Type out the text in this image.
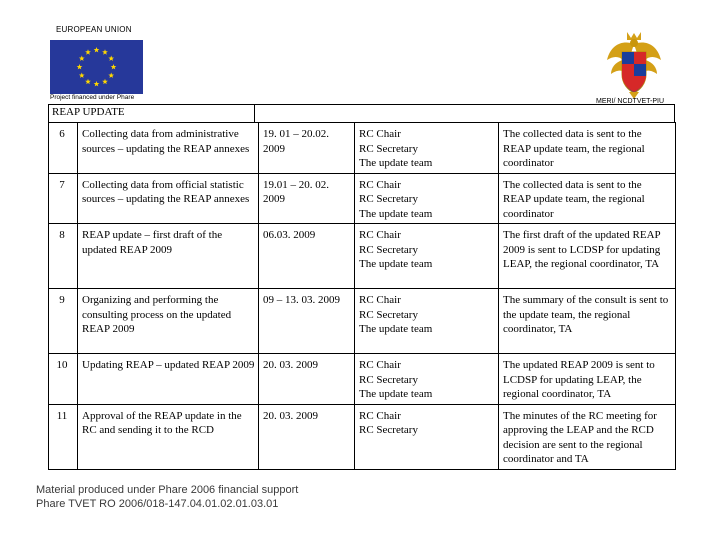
EUROPEAN UNION
Project financed under Phare
MERI/ NCDTVET-PIU
REAP UPDATE
6	Collecting data from administrative sources – updating the REAP annexes	19. 01 – 20.02. 2009	RC Chair
RC Secretary
The update team	The collected data is sent to the REAP update team, the regional coordinator
7	Collecting data from official statistic sources – updating the REAP annexes	19.01 – 20. 02. 2009	RC Chair
RC Secretary
The update team	The collected data is sent to the REAP update team, the regional coordinator
8	REAP update – first draft of the updated REAP 2009	06.03. 2009	RC Chair
RC Secretary
The update team	The first draft of the updated REAP 2009 is sent to LCDSP for updating LEAP, the regional coordinator, TA
9	Organizing and performing the consulting process on the updated REAP 2009	09 – 13. 03. 2009	RC Chair
RC Secretary
The update team	The summary of the consult is sent to the update team, the regional coordinator, TA
10	Updating REAP – updated REAP 2009	20. 03. 2009	RC Chair
RC Secretary
The update team	The updated REAP 2009 is sent to LCDSP for updating LEAP, the regional coordinator, TA
11	Approval of the REAP update in the RC and sending it to the RCD	20. 03. 2009	RC Chair
RC Secretary	The minutes of the RC meeting for approving the LEAP and the RCD decision are sent to the regional coordinator and TA
Material produced under Phare 2006 financial support
Phare TVET RO 2006/018-147.04.01.02.01.03.01
